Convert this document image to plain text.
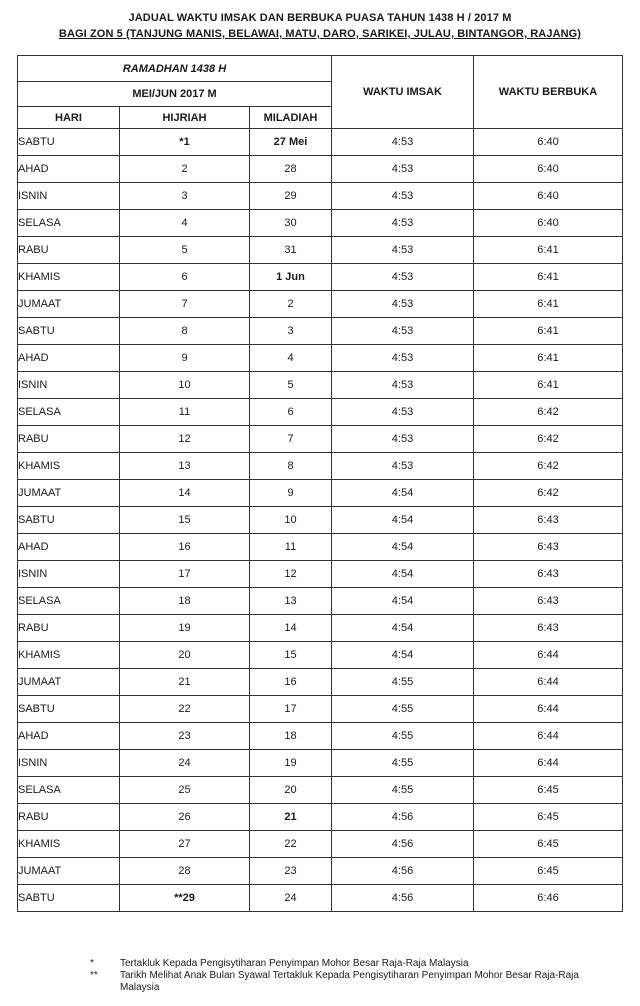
JADUAL WAKTU IMSAK DAN BERBUKA PUASA TAHUN 1438 H / 2017 M
BAGI ZON 5 (TANJUNG MANIS, BELAWAI, MATU, DARO, SARIKEI, JULAU, BINTANGOR, RAJANG)
RAMADHAN 1438 H			WAKTU IMSAK	WAKTU BERBUKA
MEI/JUN 2017 M				
HARI	HIJRIAH	MILADIAH		
SABTU	*1	27 Mei	4:53	6:40
AHAD	2	28	4:53	6:40
ISNIN	3	29	4:53	6:40
SELASA	4	30	4:53	6:40
RABU	5	31	4:53	6:41
KHAMIS	6	1 Jun	4:53	6:41
JUMAAT	7	2	4:53	6:41
SABTU	8	3	4:53	6:41
AHAD	9	4	4:53	6:41
ISNIN	10	5	4:53	6:41
SELASA	11	6	4:53	6:42
RABU	12	7	4:53	6:42
KHAMIS	13	8	4:53	6:42
JUMAAT	14	9	4:54	6:42
SABTU	15	10	4:54	6:43
AHAD	16	11	4:54	6:43
ISNIN	17	12	4:54	6:43
SELASA	18	13	4:54	6:43
RABU	19	14	4:54	6:43
KHAMIS	20	15	4:54	6:44
JUMAAT	21	16	4:55	6:44
SABTU	22	17	4:55	6:44
AHAD	23	18	4:55	6:44
ISNIN	24	19	4:55	6:44
SELASA	25	20	4:55	6:45
RABU	26	21	4:56	6:45
KHAMIS	27	22	4:56	6:45
JUMAAT	28	23	4:56	6:45
SABTU	**29	24	4:56	6:46
*	Tertakluk Kepada Pengisytiharan Penyimpan Mohor Besar Raja-Raja Malaysia
**	Tarikh Melihat Anak Bulan Syawal Tertakluk Kepada Pengisytiharan Penyimpan Mohor Besar Raja-Raja Malaysia
